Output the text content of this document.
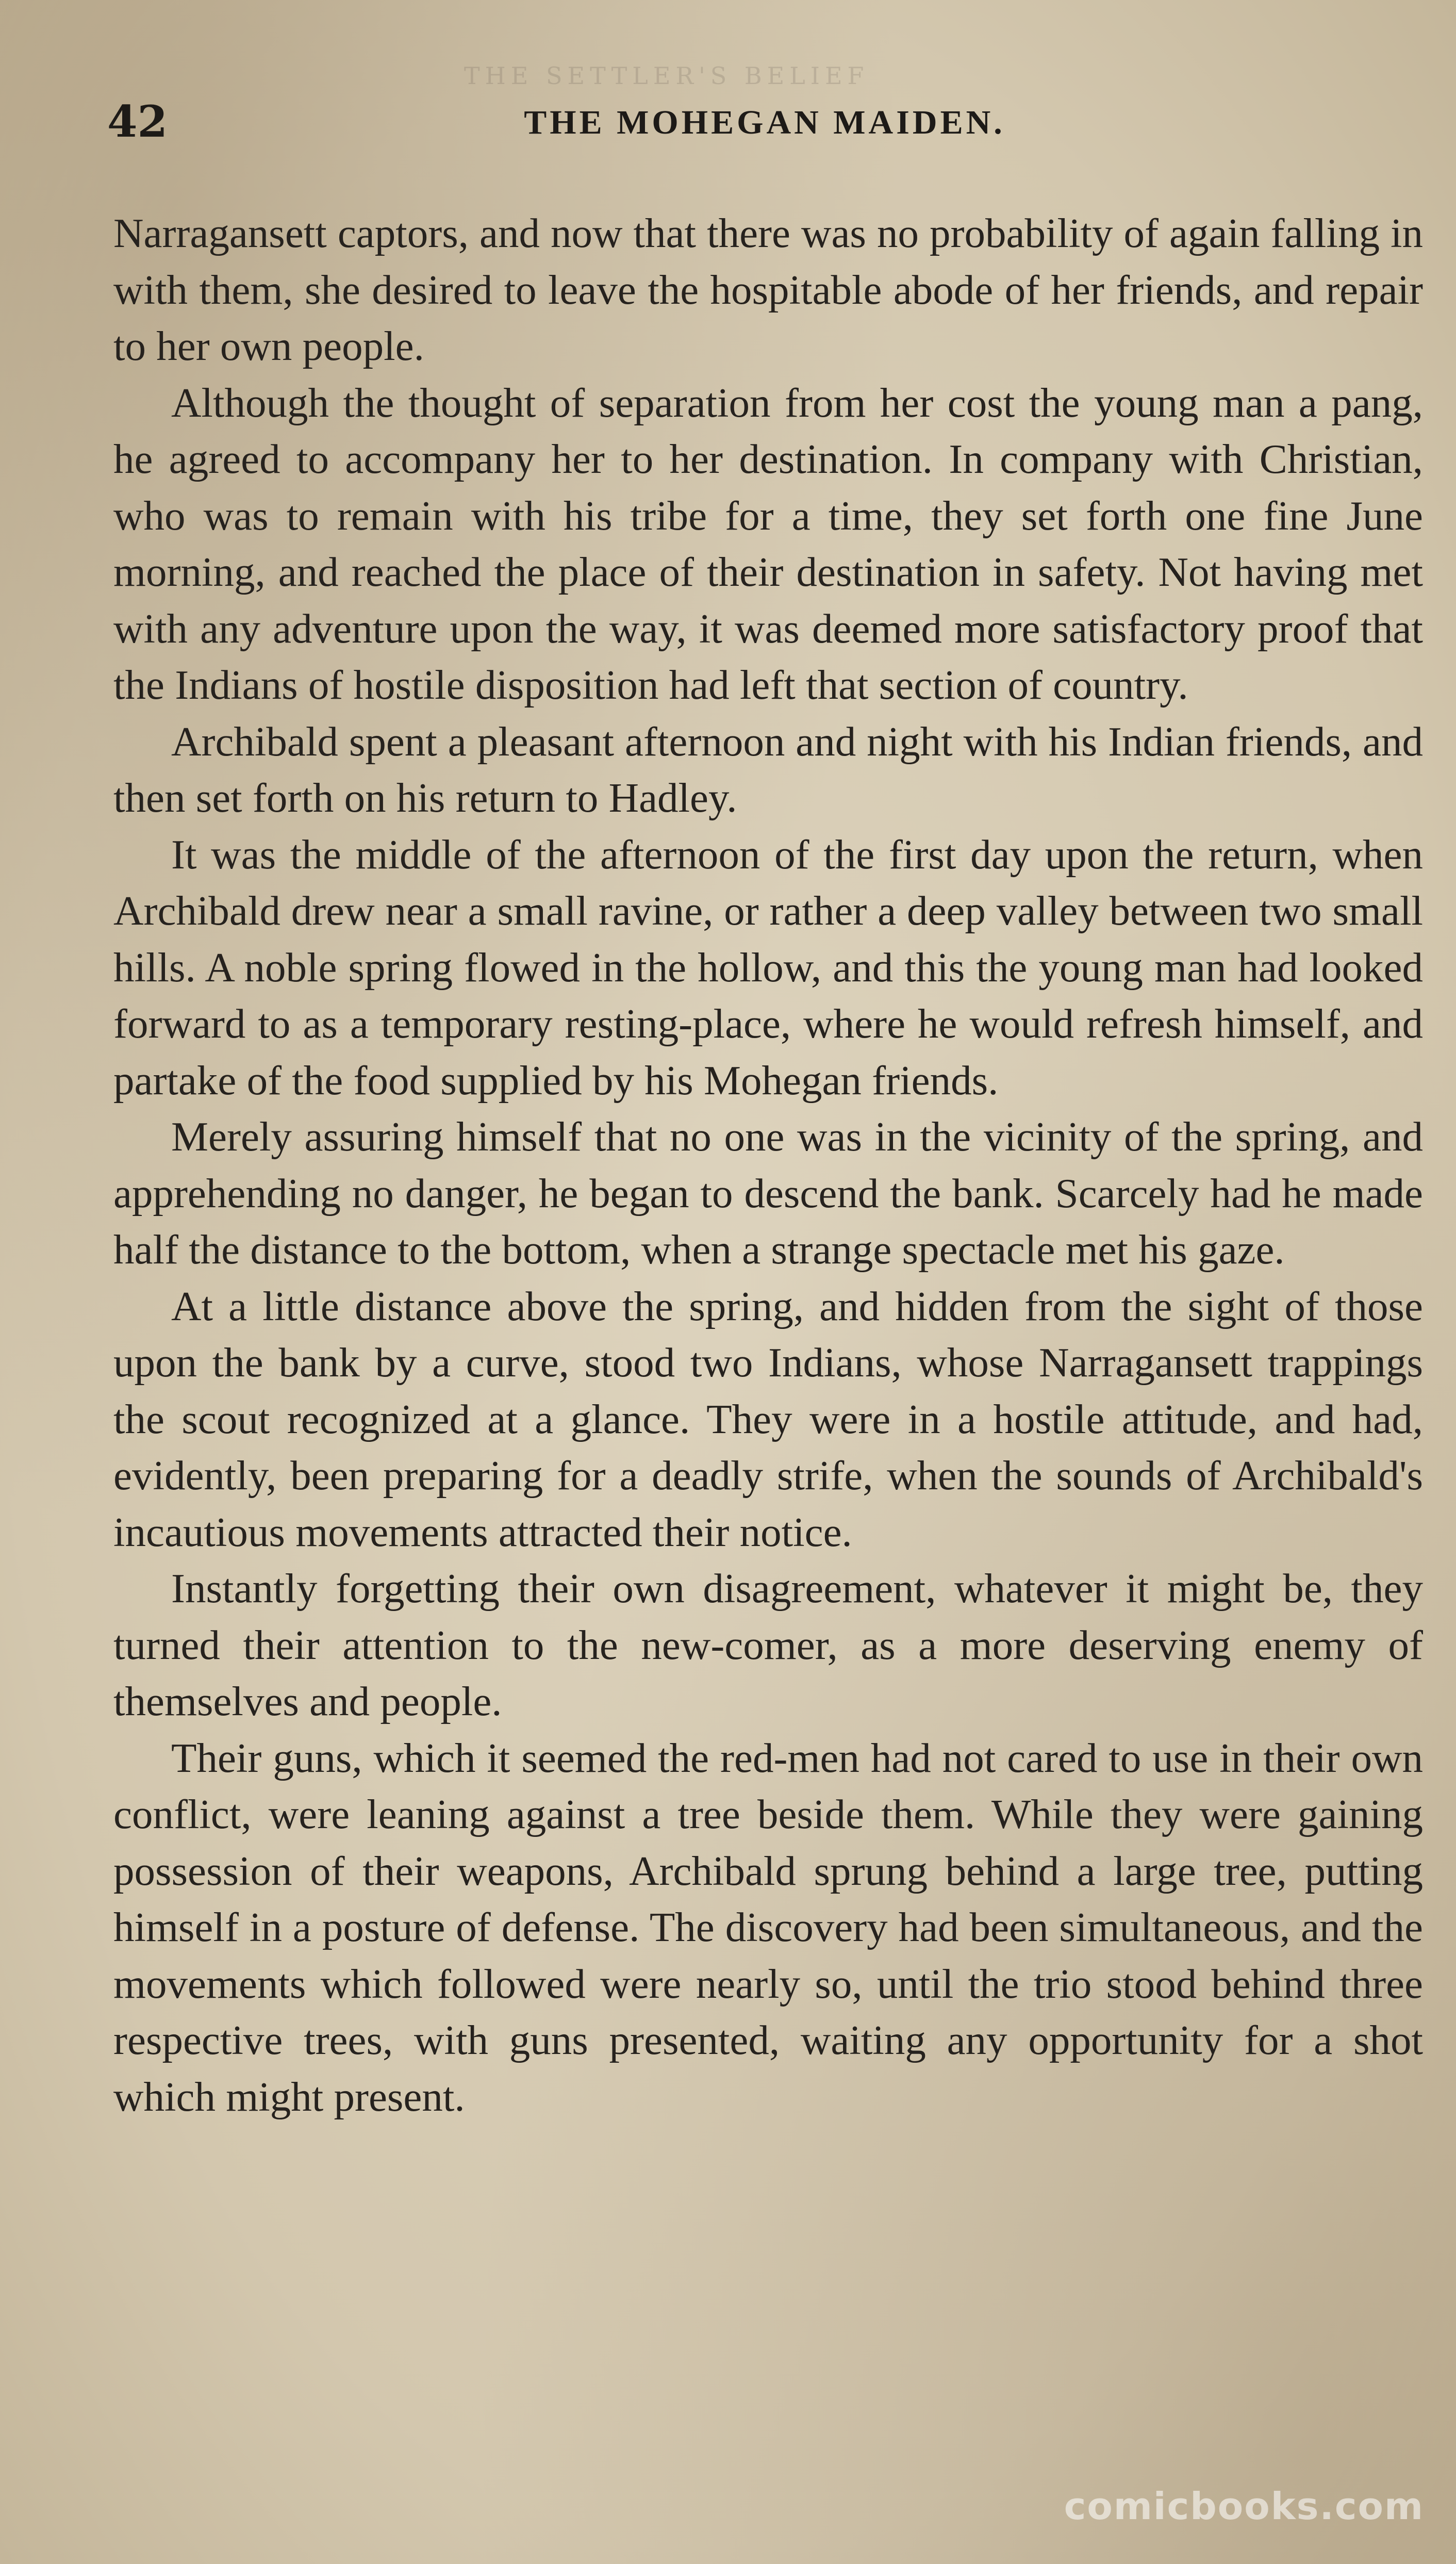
THE SETTLER'S BELIEF
42	THE MOHEGAN MAIDEN.

Narragansett captors, and now that there was no probability of again falling in with them, she desired to leave the hospitable abode of her friends, and repair to her own people.

Although the thought of separation from her cost the young man a pang, he agreed to accompany her to her destination. In company with Christian, who was to remain with his tribe for a time, they set forth one fine June morning, and reached the place of their destination in safety. Not having met with any adventure upon the way, it was deemed more satisfactory proof that the Indians of hostile disposition had left that section of country.

Archibald spent a pleasant afternoon and night with his Indian friends, and then set forth on his return to Hadley.

It was the middle of the afternoon of the first day upon the return, when Archibald drew near a small ravine, or rather a deep valley between two small hills. A noble spring flowed in the hollow, and this the young man had looked forward to as a temporary resting-place, where he would refresh himself, and partake of the food supplied by his Mohegan friends.

Merely assuring himself that no one was in the vicinity of the spring, and apprehending no danger, he began to descend the bank. Scarcely had he made half the distance to the bottom, when a strange spectacle met his gaze.

At a little distance above the spring, and hidden from the sight of those upon the bank by a curve, stood two Indians, whose Narragansett trappings the scout recognized at a glance. They were in a hostile attitude, and had, evidently, been preparing for a deadly strife, when the sounds of Archibald's incautious movements attracted their notice.

Instantly forgetting their own disagreement, whatever it might be, they turned their attention to the new-comer, as a more deserving enemy of themselves and people.

Their guns, which it seemed the red-men had not cared to use in their own conflict, were leaning against a tree beside them. While they were gaining possession of their weapons, Archibald sprung behind a large tree, putting himself in a posture of defense. The discovery had been simultaneous, and the movements which followed were nearly so, until the trio stood behind three respective trees, with guns presented, waiting any opportunity for a shot which might present.

comicbooks.com
